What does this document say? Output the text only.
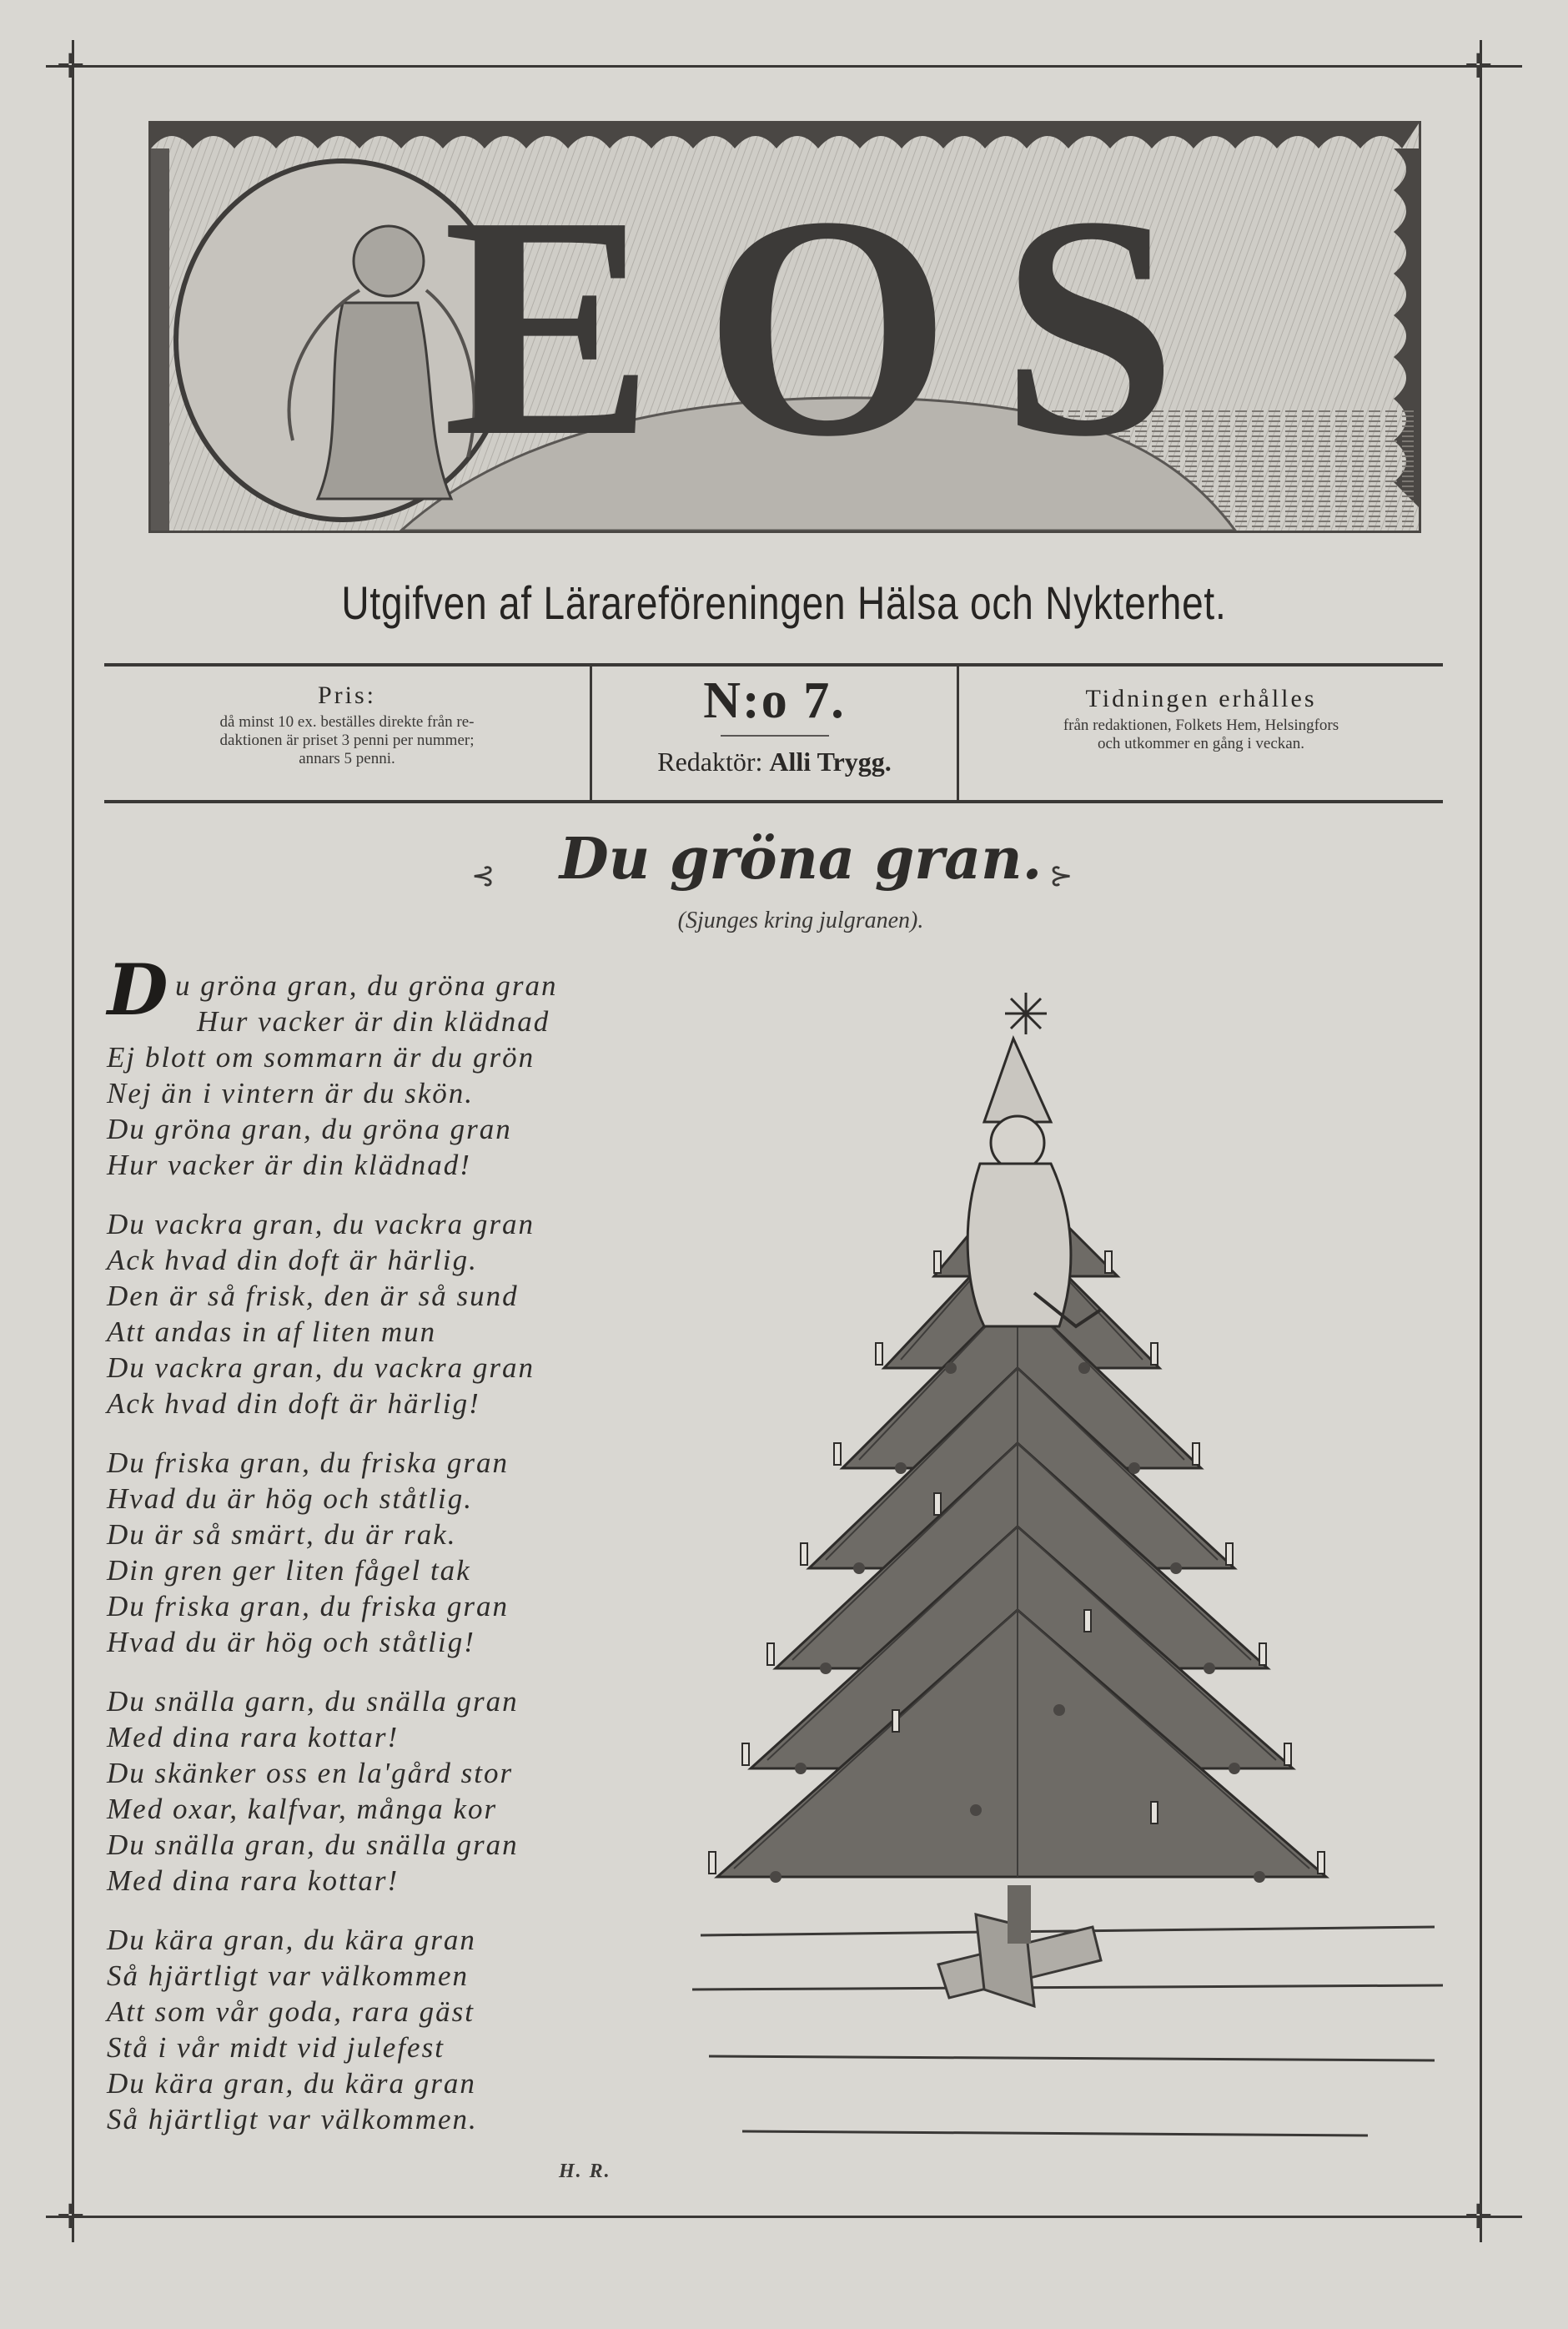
✛	✛
✛	✛
EOS
Utgifven af Lärareföreningen Hälsa och Nykterhet.
Pris:
då minst 10 ex. beställes direkte från re-
daktionen är priset 3 penni per nummer;
annars 5 penni.
N:o 7.
Redaktör: Alli Trygg.
Tidningen erhålles
från redaktionen, Folkets Hem, Helsingfors
och utkommer en gång i veckan.
⊰	Du gröna gran. ⊱
(Sjunges kring julgranen).
D u gröna gran, du gröna gran
Hur vacker är din klädnad
Ej blott om sommarn är du grön
Nej än i vintern är du skön.
Du gröna gran, du gröna gran
Hur vacker är din klädnad!
Du vackra gran, du vackra gran
Ack hvad din doft är härlig.
Den är så frisk, den är så sund
Att andas in af liten mun
Du vackra gran, du vackra gran
Ack hvad din doft är härlig!
Du friska gran, du friska gran
Hvad du är hög och ståtlig.
Du är så smärt, du är rak.
Din gren ger liten fågel tak
Du friska gran, du friska gran
Hvad du är hög och ståtlig!
Du snälla garn, du snälla gran
Med dina rara kottar!
Du skänker oss en la'gård stor
Med oxar, kalfvar, många kor
Du snälla gran, du snälla gran
Med dina rara kottar!
Du kära gran, du kära gran
Så hjärtligt var välkommen
Att som vår goda, rara gäst
Stå i vår midt vid julefest
Du kära gran, du kära gran
Så hjärtligt var välkommen.
H. R.
